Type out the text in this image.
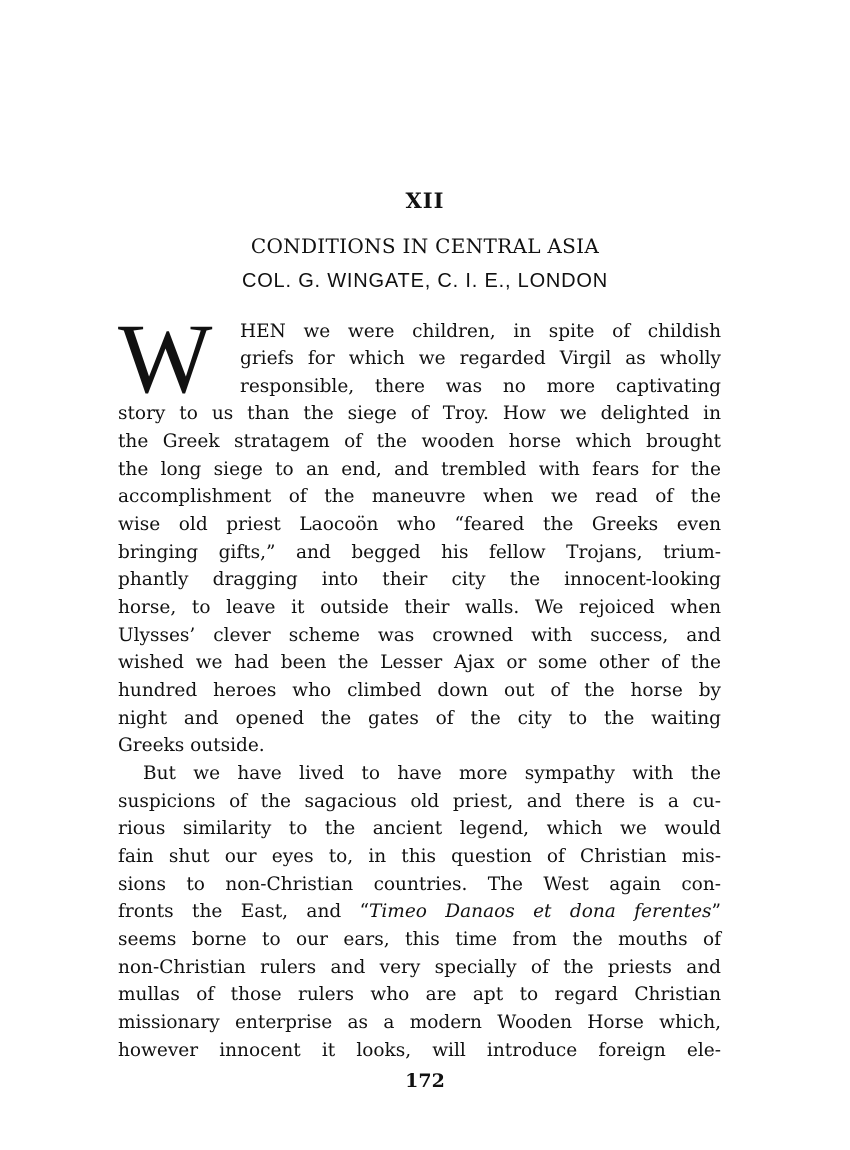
XII
CONDITIONS IN CENTRAL ASIA
COL. G. WINGATE, C. I. E., LONDON
W HEN we were children, in spite of childish
griefs for which we regarded Virgil as wholly
responsible, there was no more captivating
story to us than the siege of Troy. How we delighted in
the Greek stratagem of the wooden horse which brought
the long siege to an end, and trembled with fears for the
accomplishment of the maneuvre when we read of the
wise old priest Laocoön who “feared the Greeks even
bringing gifts,” and begged his fellow Trojans, trium-
phantly dragging into their city the innocent-looking
horse, to leave it outside their walls. We rejoiced when
Ulysses’ clever scheme was crowned with success, and
wished we had been the Lesser Ajax or some other of the
hundred heroes who climbed down out of the horse by
night and opened the gates of the city to the waiting
Greeks outside.
But we have lived to have more sympathy with the
suspicions of the sagacious old priest, and there is a cu-
rious similarity to the ancient legend, which we would
fain shut our eyes to, in this question of Christian mis-
sions to non-Christian countries. The West again con-
fronts the East, and “Timeo Danaos et dona ferentes”
seems borne to our ears, this time from the mouths of
non-Christian rulers and very specially of the priests and
mullas of those rulers who are apt to regard Christian
missionary enterprise as a modern Wooden Horse which,
however innocent it looks, will introduce foreign ele-
172
